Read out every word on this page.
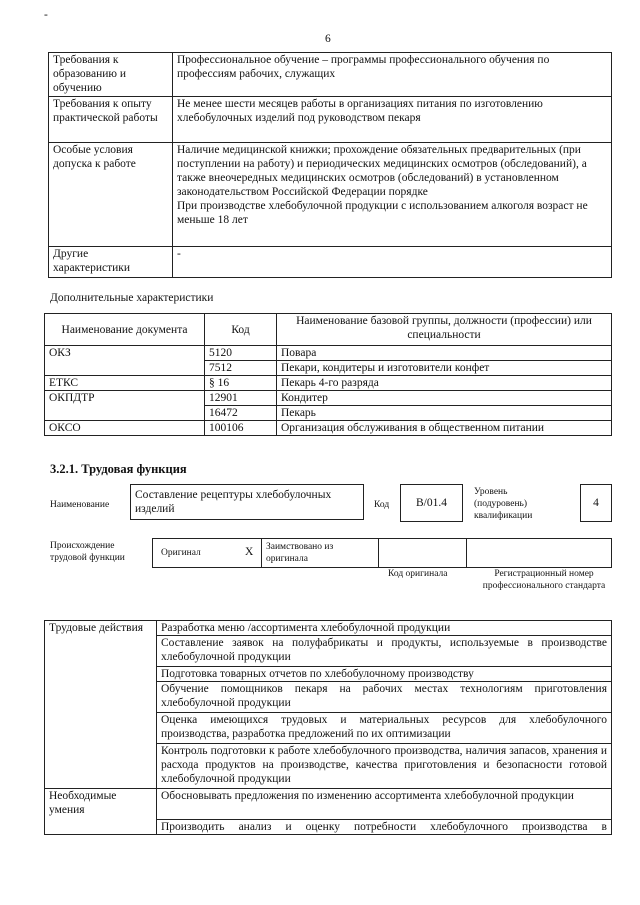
-
6
Требования к образованию и обучению	Профессиональное обучение – программы профессионального обучения по профессиям рабочих, служащих
Требования к опыту практической работы	Не менее шести месяцев работы в организациях питания по изготовлению хлебобулочных изделий под руководством пекаря
Особые условия допуска к работе	Наличие медицинской книжки; прохождение обязательных предварительных (при поступлении на работу) и периодических медицинских осмотров (обследований), а также внеочередных медицинских осмотров (обследований) в установленном законодательством Российской Федерации порядке
При производстве хлебобулочной продукции с использованием алкоголя возраст не меньше 18 лет

Другие характеристики	-
Дополнительные характеристики
Наименование документа	Код	Наименование базовой группы, должности (профессии) или специальности
ОКЗ	5120	Повара
	7512	Пекари, кондитеры и изготовители конфет
ЕТКС	§ 16	Пекарь 4-го разряда
ОКПДТР	12901	Кондитер
	16472	Пекарь
ОКСО	100106	Организация обслуживания в общественном питании
3.2.1. Трудовая функция
Наименование
Составление рецептуры хлебобулочных изделий	Код B/01.4
Уровень (подуровень) квалификации
4
Происхождение трудовой функции	Оригинал	X Заимствовано из оригинала
Код оригинала	Регистрационный номер профессионального стандарта
Трудовые действия	Разработка меню /ассортимента хлебобулочной продукции
	Составление заявок на полуфабрикаты и продукты, используемые в производстве хлебобулочной продукции
	Подготовка товарных отчетов по хлебобулочному производству
	Обучение помощников пекаря на рабочих местах технологиям приготовления хлебобулочной продукции
	Оценка имеющихся трудовых и материальных ресурсов для хлебобулочного производства, разработка предложений по их оптимизации
	Контроль подготовки к работе хлебобулочного производства, наличия запасов, хранения и расхода продуктов на производстве, качества приготовления и безопасности готовой хлебобулочной продукции
Необходимые умения	Обосновывать предложения по изменению ассортимента хлебобулочной продукции
	Производить анализ и оценку потребности хлебобулочного производства в
